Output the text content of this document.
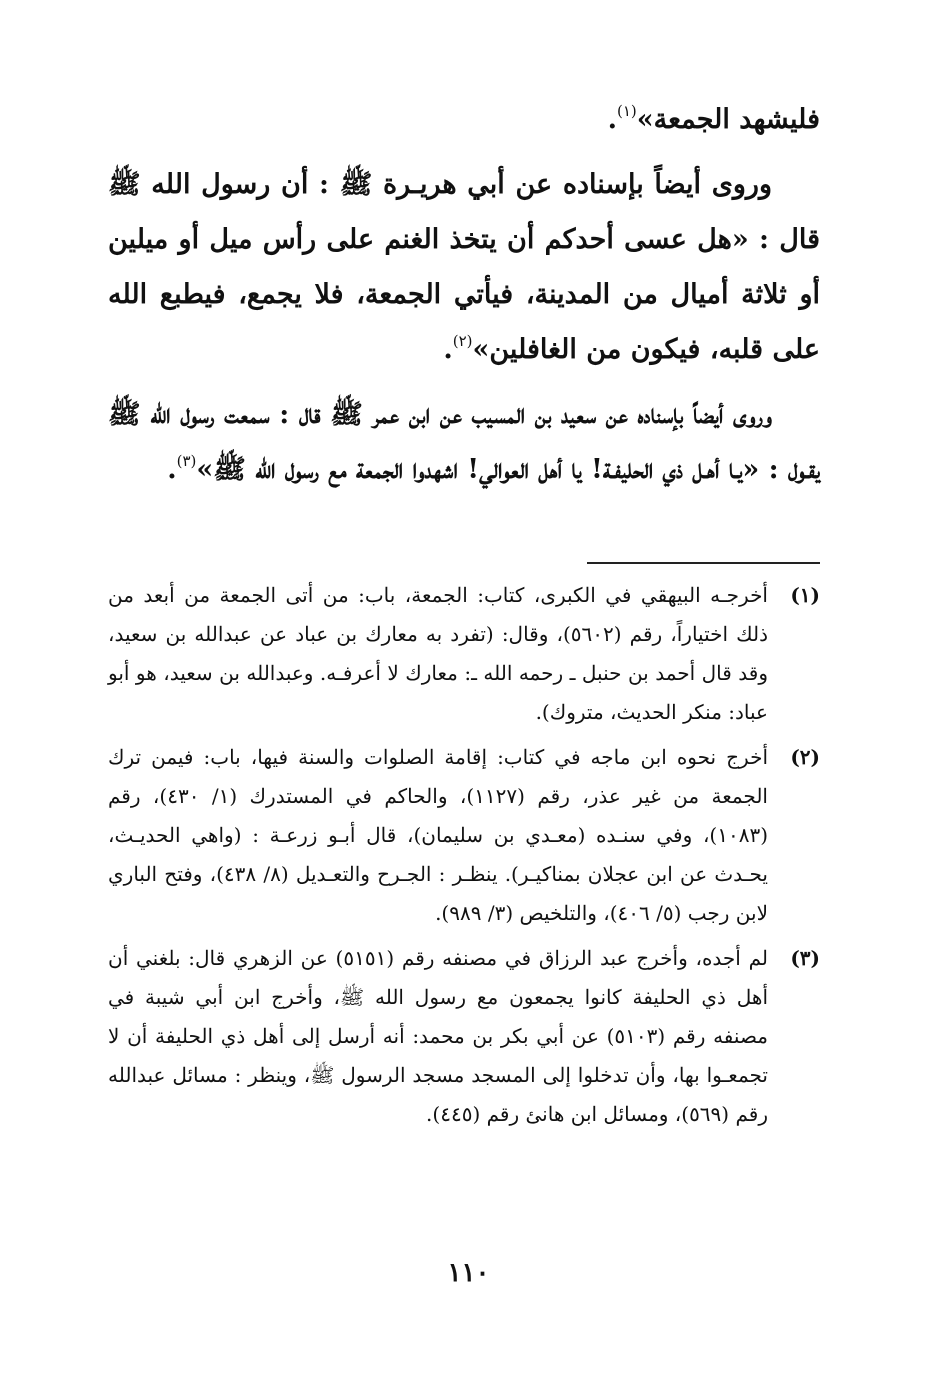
فليشهد الجمعة»$^{(١)}$.

وروى أيضاً بإسناده عن أبي هريـرة ﷺ : أن رسول الله ﷺ قال : «هل عسى أحدكم أن يتخذ الغنم على رأس ميل أو ميلين أو ثلاثة أميال من المدينة، فيأتي الجمعة، فلا يجمع، فيطبع الله على قلبه، فيكون من الغافلين»$^{(٢)}$.

وروى أيضاً بإسناده عن سعيد بن المسيب عن ابن عمر ﷺ قال : سمعت رسول الله ﷺ يقـول : «يـا أهـل ذي الحليفـة! يا أهل العوالي! اشهدوا الجمعة مع رسول الله ﷺ»$^{(٣)}$.

(١)
أخرجـه البيهقي في الكبرى، كتاب: الجمعة، باب: من أتى الجمعة من أبعد من ذلك اختياراً، رقم (٥٦٠٢)، وقال: (تفرد به معارك بن عباد عن عبدالله بن سعيد، وقد قال أحمد بن حنبل ـ رحمه الله ـ: معارك لا أعرفـه. وعبدالله بن سعيد، هو أبو عباد: منكر الحديث، متروك).
(٢)
أخرج نحوه ابن ماجه في كتاب: إقامة الصلوات والسنة فيها، باب: فيمن ترك الجمعة من غير عذر، رقم (١١٢٧)، والحاكم في المستدرك (١/ ٤٣٠)، رقم (١٠٨٣)، وفي سنـده (معـدي بن سليمان)، قال أبـو زرعـة : (واهي الحديـث، يحـدث عن ابن عجلان بمناكيـر). ينظـر : الجـرح والتعـديل (٨/ ٤٣٨)، وفتح الباري لابن رجب (٥/ ٤٠٦)، والتلخيص (٣/ ٩٨٩).
(٣)
لم أجده، وأخرج عبد الرزاق في مصنفه رقم (٥١٥١) عن الزهري قال: بلغني أن أهل ذي الحليفة كانوا يجمعون مع رسول الله ﷺ، وأخرج ابن أبي شيبة في مصنفه رقم (٥١٠٣) عن أبي بكر بن محمد: أنه أرسل إلى أهل ذي الحليفة أن لا تجمعـوا بها، وأن تدخلوا إلى المسجد مسجد الرسول ﷺ، وينظر : مسائل عبدالله رقم (٥٦٩)، ومسائل ابن هانئ رقم (٤٤٥).
١١٠
